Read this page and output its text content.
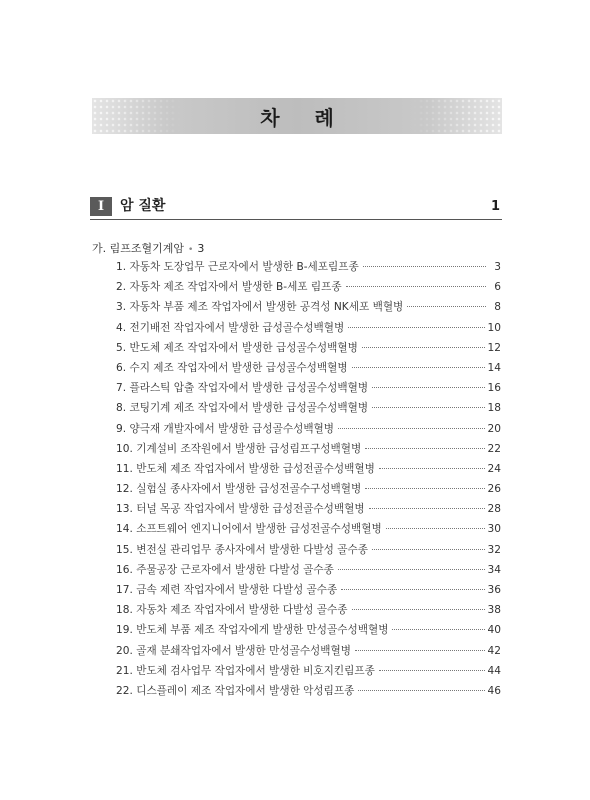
차 례
I	암 질환	1
가. 림프조혈기계암 • 3
1. 자동차 도장업무 근로자에서 발생한 B-세포림프종	3
2. 자동차 제조 작업자에서 발생한 B-세포 림프종	6
3. 자동차 부품 제조 작업자에서 발생한 공격성 NK세포 백혈병	8
4. 전기배전 작업자에서 발생한 급성골수성백혈병	10
5. 반도체 제조 작업자에서 발생한 급성골수성백혈병	12
6. 수지 제조 작업자에서 발생한 급성골수성백혈병	14
7. 플라스틱 압출 작업자에서 발생한 급성골수성백혈병	16
8. 코팅기계 제조 작업자에서 발생한 급성골수성백혈병	18
9. 양극재 개발자에서 발생한 급성골수성백혈병	20
10. 기계설비 조작원에서 발생한 급성림프구성백혈병	22
11. 반도체 제조 작업자에서 발생한 급성전골수성백혈병	24
12. 실험실 종사자에서 발생한 급성전골수구성백혈병	26
13. 터널 목공 작업자에서 발생한 급성전골수성백혈병	28
14. 소프트웨어 엔지니어에서 발생한 급성전골수성백혈병	30
15. 변전실 관리업무 종사자에서 발생한 다발성 골수종	32
16. 주물공장 근로자에서 발생한 다발성 골수종	34
17. 금속 제련 작업자에서 발생한 다발성 골수종	36
18. 자동차 제조 작업자에서 발생한 다발성 골수종	38
19. 반도체 부품 제조 작업자에게 발생한 만성골수성백혈병	40
20. 골재 분쇄작업자에서 발생한 만성골수성백혈병	42
21. 반도체 검사업무 작업자에서 발생한 비호지킨림프종	44
22. 디스플레이 제조 작업자에서 발생한 악성림프종	46
